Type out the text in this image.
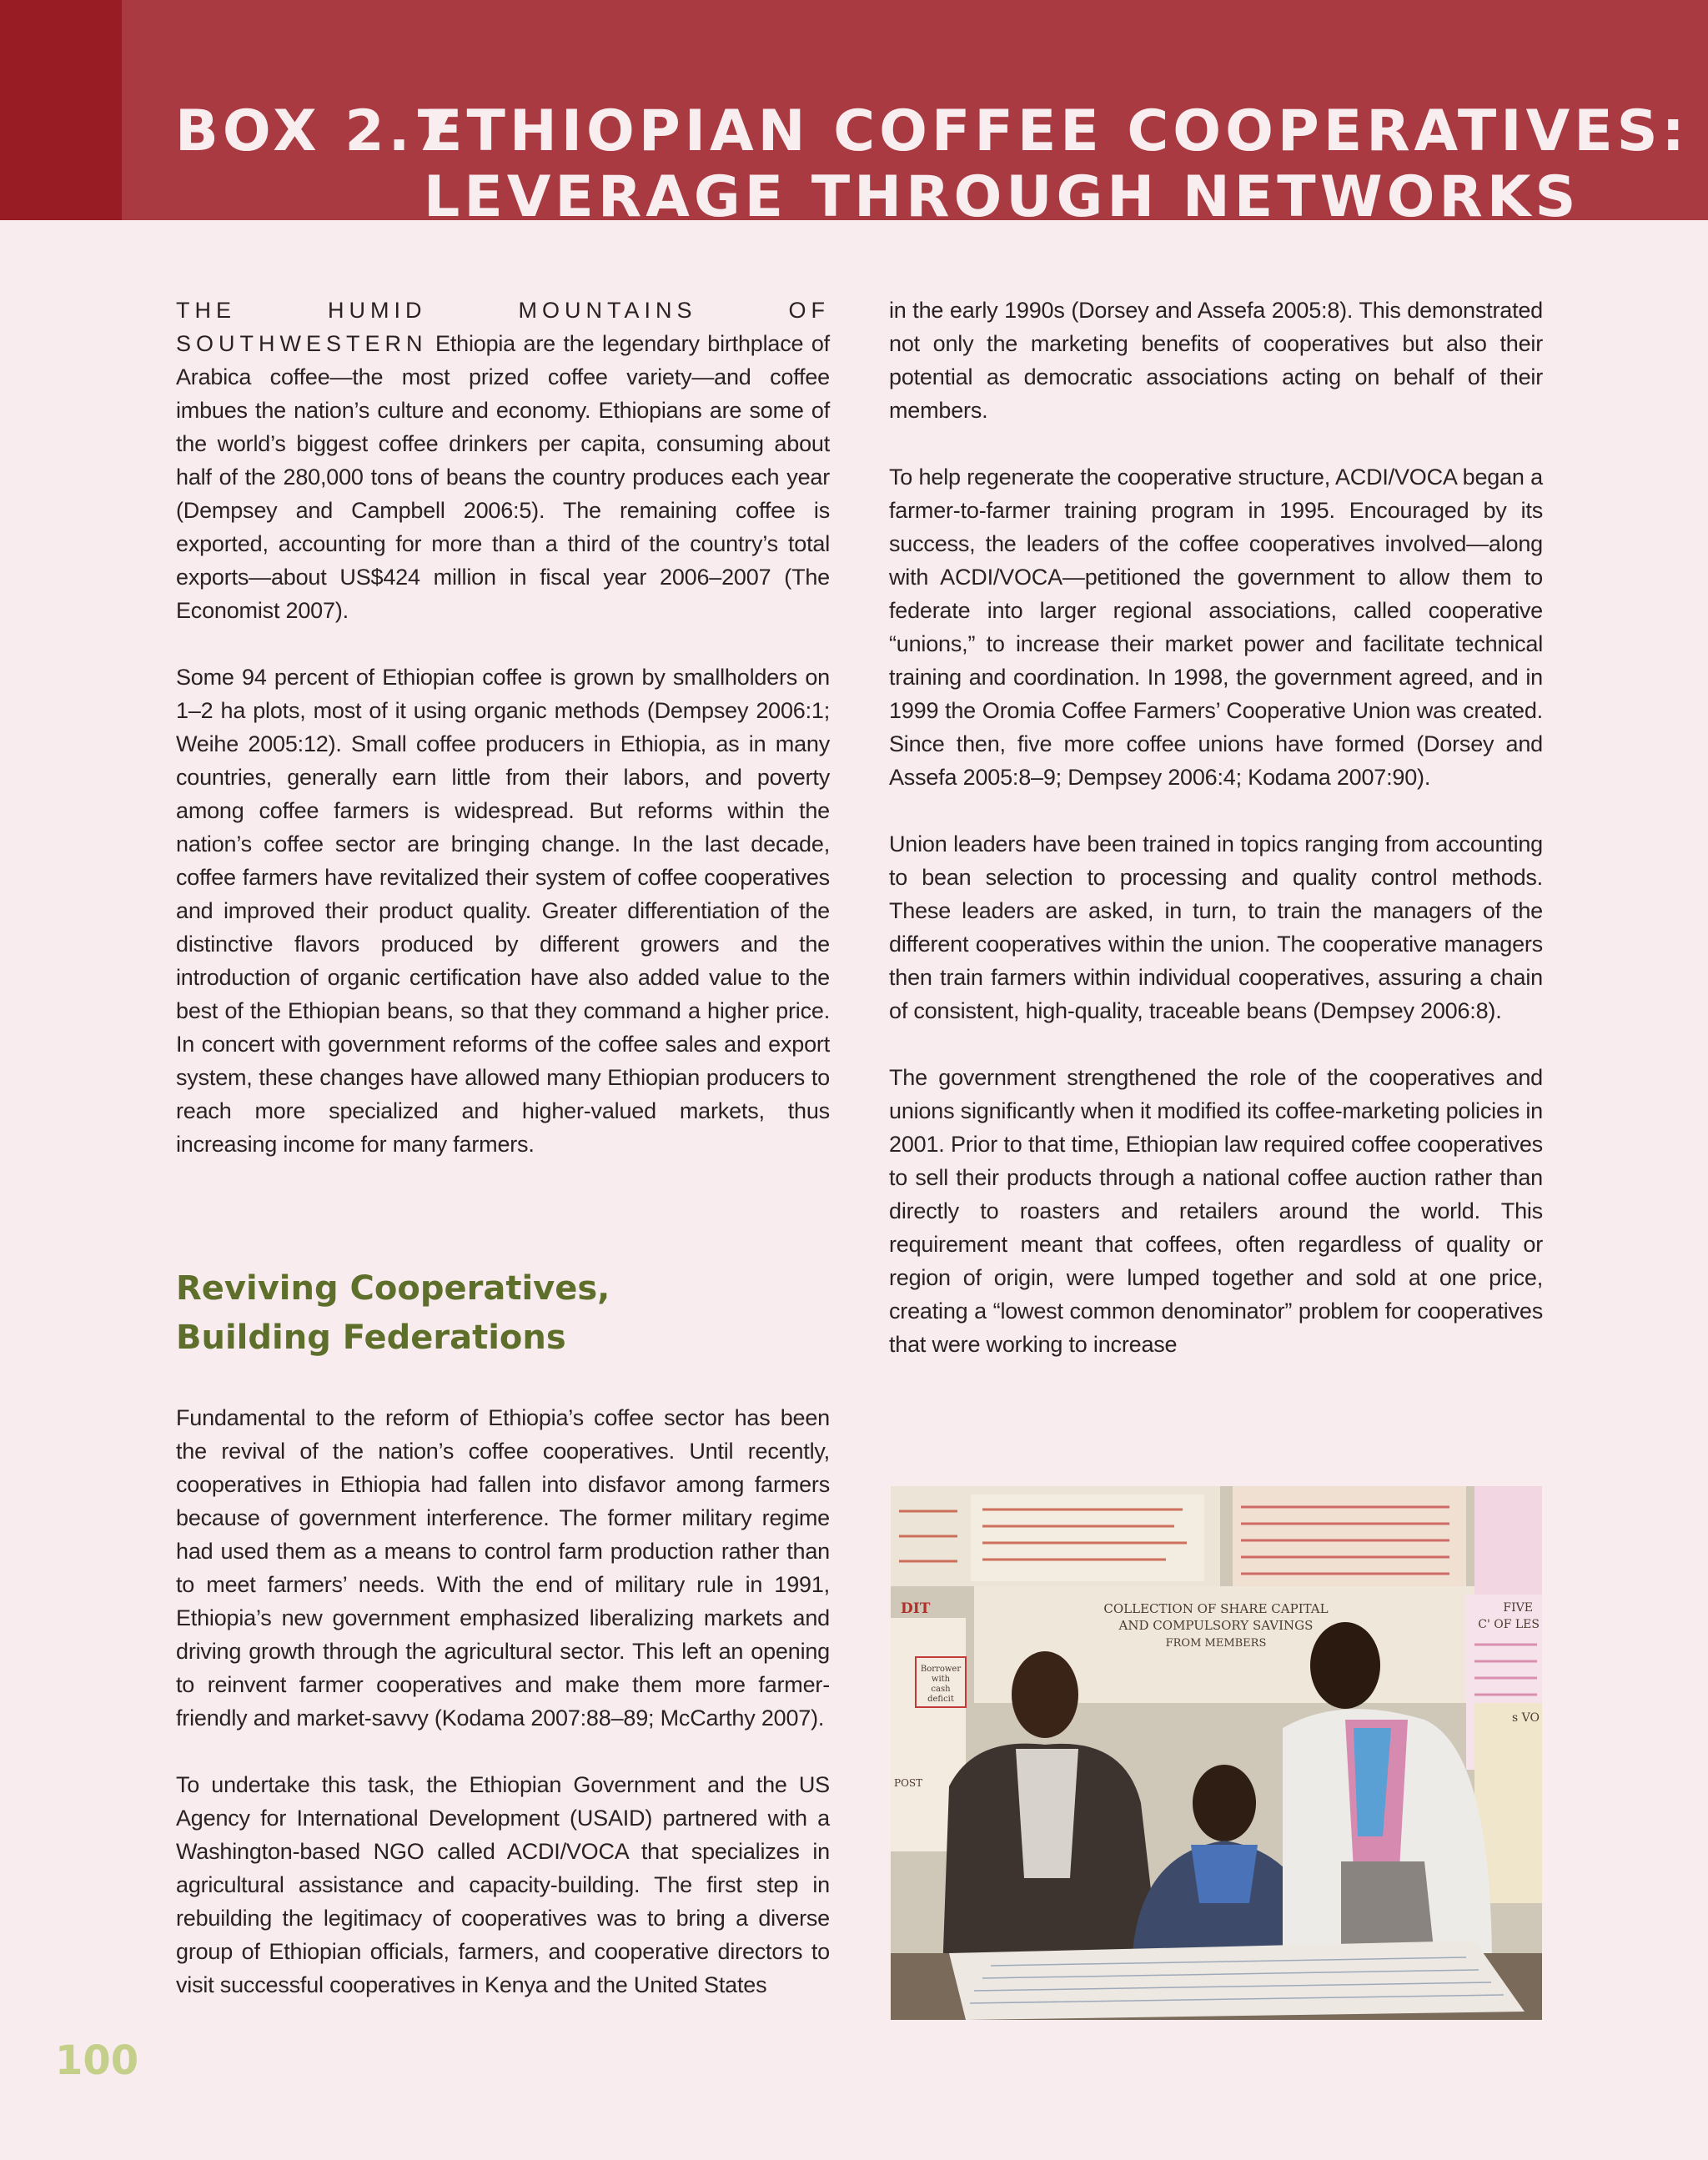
BOX 2.7
ETHIOPIAN COFFEE COOPERATIVES:
LEVERAGE THROUGH NETWORKS

THE HUMID MOUNTAINS OF SOUTHWESTERN Ethiopia are the legendary birthplace of Arabica coffee—the most prized coffee variety—and coffee imbues the nation’s culture and economy. Ethiopians are some of the world’s biggest coffee drinkers per capita, consuming about half of the 280,000 tons of beans the country produces each year (Dempsey and Campbell 2006:5). The remaining coffee is exported, accounting for more than a third of the country’s total exports—about US$424 million in fiscal year 2006–2007 (The Economist 2007).

Some 94 percent of Ethiopian coffee is grown by smallholders on 1–2 ha plots, most of it using organic methods (Dempsey 2006:1; Weihe 2005:12). Small coffee producers in Ethiopia, as in many countries, generally earn little from their labors, and poverty among coffee farmers is widespread. But reforms within the nation’s coffee sector are bringing change. In the last decade, coffee farmers have revitalized their system of coffee cooperatives and improved their product quality. Greater differentiation of the distinctive flavors produced by different growers and the introduction of organic certification have also added value to the best of the Ethiopian beans, so that they command a higher price. In concert with government reforms of the coffee sales and export system, these changes have allowed many Ethiopian producers to reach more specialized and higher-valued markets, thus increasing income for many farmers.

Reviving Cooperatives,
Building Federations

Fundamental to the reform of Ethiopia’s coffee sector has been the revival of the nation’s coffee cooperatives. Until recently, cooperatives in Ethiopia had fallen into disfavor among farmers because of government interference. The former military regime had used them as a means to control farm production rather than to meet farmers’ needs. With the end of military rule in 1991, Ethiopia’s new government emphasized liberalizing markets and driving growth through the agricultural sector. This left an opening to reinvent farmer cooperatives and make them more farmer-friendly and market-savvy (Kodama 2007:88–89; McCarthy 2007).

To undertake this task, the Ethiopian Government and the US Agency for International Development (USAID) partnered with a Washington-based NGO called ACDI/VOCA that specializes in agricultural assistance and capacity-building. The first step in rebuilding the legitimacy of cooperatives was to bring a diverse group of Ethiopian officials, farmers, and cooperative directors to visit successful cooperatives in Kenya and the United States

in the early 1990s (Dorsey and Assefa 2005:8). This demonstrated not only the marketing benefits of cooperatives but also their potential as democratic associations acting on behalf of their members.

To help regenerate the cooperative structure, ACDI/VOCA began a farmer-to-farmer training program in 1995. Encouraged by its success, the leaders of the coffee cooperatives involved—along with ACDI/VOCA—petitioned the government to allow them to federate into larger regional associations, called cooperative “unions,” to increase their market power and facilitate technical training and coordination. In 1998, the government agreed, and in 1999 the Oromia Coffee Farmers’ Cooperative Union was created. Since then, five more coffee unions have formed (Dorsey and Assefa 2005:8–9; Dempsey 2006:4; Kodama 2007:90).

Union leaders have been trained in topics ranging from accounting to bean selection to processing and quality control methods. These leaders are asked, in turn, to train the managers of the different cooperatives within the union. The cooperative managers then train farmers within individual cooperatives, assuring a chain of consistent, high-quality, traceable beans (Dempsey 2006:8).

The government strengthened the role of the cooperatives and unions significantly when it modified its coffee-marketing policies in 2001. Prior to that time, Ethiopian law required coffee cooperatives to sell their products through a national coffee auction rather than directly to roasters and retailers around the world. This requirement meant that coffees, often regardless of quality or region of origin, were lumped together and sold at one price, creating a “lowest common denominator” problem for cooperatives that were working to increase

COLLECTION OF SHARE CAPITAL
AND COMPULSORY SAVINGS
FROM MEMBERS
DIT
Borrower
with
cash
deficit
POST
FIVE
C' OF LES
s VO
100
